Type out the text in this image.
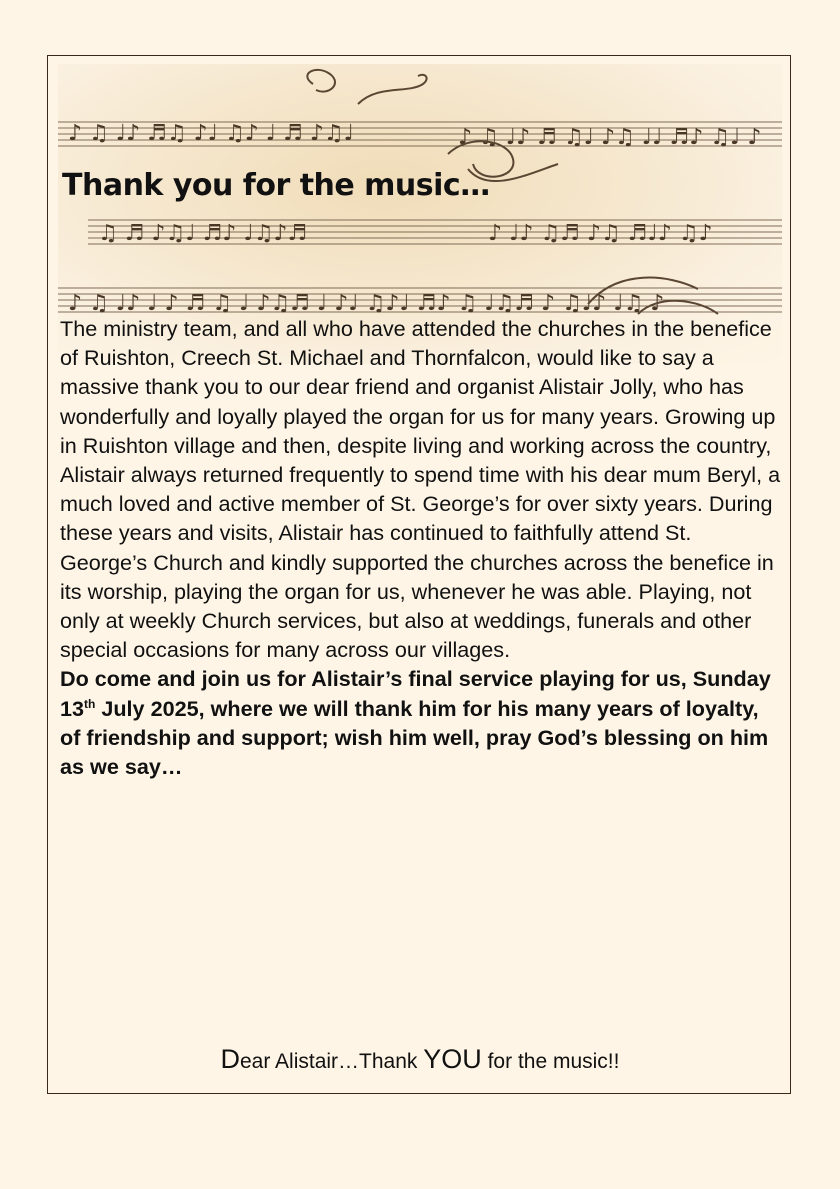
♪ ♫ ♩♪ ♬♫ ♪♩ ♫♪ ♩ ♬ ♪♫♩	♪ ♫ ♩♪ ♬ ♫♩ ♪♫ ♩♩ ♬♪ ♫♩ ♪
♫ ♬ ♪♫♩ ♬♪ ♩♫♪♬	♪ ♩♪ ♫♬ ♪♫ ♬♩♪ ♫♪
♪ ♫ ♩♪ ♩ ♪ ♬ ♫ ♩ ♪♫♬ ♩ ♪♩ ♫♪♩ ♬♪ ♫ ♩♫♬ ♪ ♫♩♪ ♩♫ ♪
Thank you for the music…

The ministry team, and all who have attended the churches in the benefice of Ruishton, Creech St. Michael and Thornfalcon, would like to say a massive thank you to our dear friend and organist Alistair Jolly, who has wonderfully and loyally played the organ for us for many years. Growing up in Ruishton village and then, despite living and working across the country, Alistair always returned frequently to spend time with his dear mum Beryl, a much loved and active member of St. George’s for over sixty years. During these years and visits, Alistair has continued to faithfully attend St. George’s Church and kindly supported the churches across the benefice in its worship, playing the organ for us, whenever he was able. Playing, not only at weekly Church services, but also at weddings, funerals and other special occasions for many across our villages.

Do come and join us for Alistair’s final service playing for us, Sunday 13th July 2025, where we will thank him for his many years of loyalty, of friendship and support; wish him well, pray God’s blessing on him as we say…

Dear Alistair…Thank YOU for the music!!
